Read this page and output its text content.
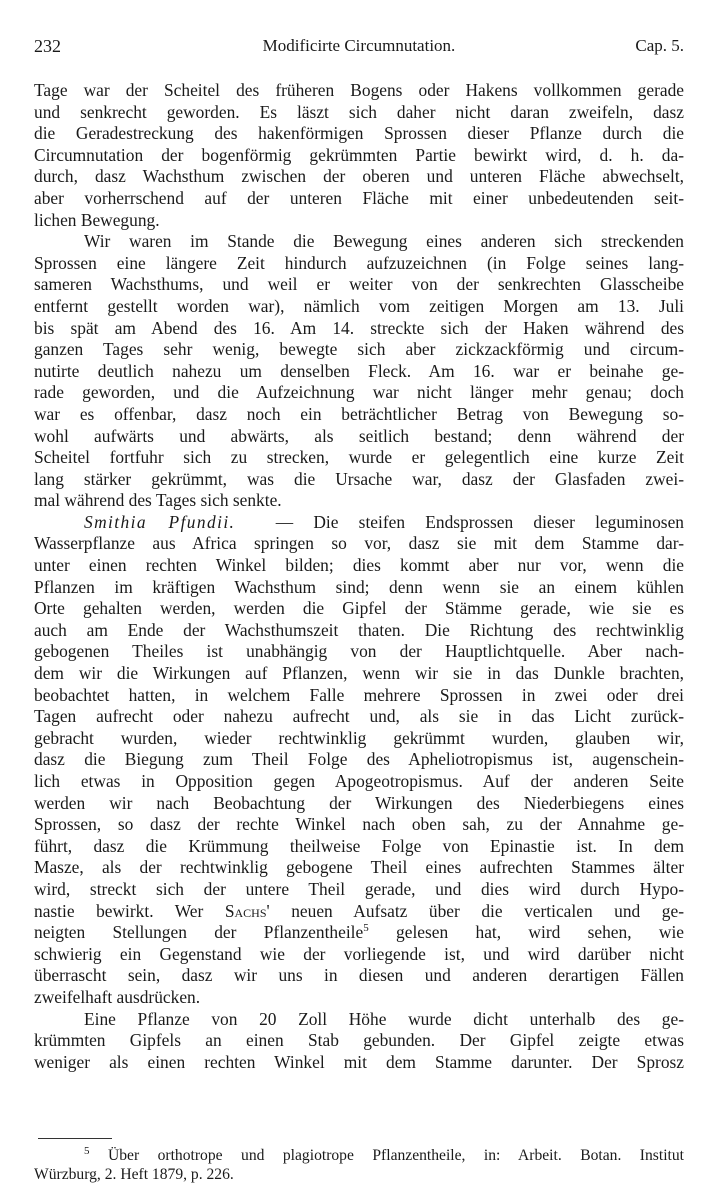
232	Modificirte Circumnutation.	Cap. 5.
Tage war der Scheitel des früheren Bogens oder Hakens vollkommen gerade
und senkrecht geworden. Es läszt sich daher nicht daran zweifeln, dasz
die Geradestreckung des hakenförmigen Sprossen dieser Pflanze durch die
Circumnutation der bogenförmig gekrümmten Partie bewirkt wird, d. h. da-
durch, dasz Wachsthum zwischen der oberen und unteren Fläche abwechselt,
aber vorherrschend auf der unteren Fläche mit einer unbedeutenden seit-
lichen Bewegung.
Wir waren im Stande die Bewegung eines anderen sich streckenden
Sprossen eine längere Zeit hindurch aufzuzeichnen (in Folge seines lang-
sameren Wachsthums, und weil er weiter von der senkrechten Glasscheibe
entfernt gestellt worden war), nämlich vom zeitigen Morgen am 13. Juli
bis spät am Abend des 16. Am 14. streckte sich der Haken während des
ganzen Tages sehr wenig, bewegte sich aber zickzackförmig und circum-
nutirte deutlich nahezu um denselben Fleck. Am 16. war er beinahe ge-
rade geworden, und die Aufzeichnung war nicht länger mehr genau; doch
war es offenbar, dasz noch ein beträchtlicher Betrag von Bewegung so-
wohl aufwärts und abwärts, als seitlich bestand; denn während der
Scheitel fortfuhr sich zu strecken, wurde er gelegentlich eine kurze Zeit
lang stärker gekrümmt, was die Ursache war, dasz der Glasfaden zwei-
mal während des Tages sich senkte.
Smithia Pfundii. — Die steifen Endsprossen dieser leguminosen
Wasserpflanze aus Africa springen so vor, dasz sie mit dem Stamme dar-
unter einen rechten Winkel bilden; dies kommt aber nur vor, wenn die
Pflanzen im kräftigen Wachsthum sind; denn wenn sie an einem kühlen
Orte gehalten werden, werden die Gipfel der Stämme gerade, wie sie es
auch am Ende der Wachsthumszeit thaten. Die Richtung des rechtwinklig
gebogenen Theiles ist unabhängig von der Hauptlichtquelle. Aber nach-
dem wir die Wirkungen auf Pflanzen, wenn wir sie in das Dunkle brachten,
beobachtet hatten, in welchem Falle mehrere Sprossen in zwei oder drei
Tagen aufrecht oder nahezu aufrecht und, als sie in das Licht zurück-
gebracht wurden, wieder rechtwinklig gekrümmt wurden, glauben wir,
dasz die Biegung zum Theil Folge des Apheliotropismus ist, augenschein-
lich etwas in Opposition gegen Apogeotropismus. Auf der anderen Seite
werden wir nach Beobachtung der Wirkungen des Niederbiegens eines
Sprossen, so dasz der rechte Winkel nach oben sah, zu der Annahme ge-
führt, dasz die Krümmung theilweise Folge von Epinastie ist. In dem
Masze, als der rechtwinklig gebogene Theil eines aufrechten Stammes älter
wird, streckt sich der untere Theil gerade, und dies wird durch Hypo-
nastie bewirkt. Wer Sachs' neuen Aufsatz über die verticalen und ge-
neigten Stellungen der Pflanzentheile$^5$ gelesen hat, wird sehen, wie
schwierig ein Gegenstand wie der vorliegende ist, und wird darüber nicht
überrascht sein, dasz wir uns in diesen und anderen derartigen Fällen
zweifelhaft ausdrücken.
Eine Pflanze von 20 Zoll Höhe wurde dicht unterhalb des ge-
krümmten Gipfels an einen Stab gebunden. Der Gipfel zeigte etwas
weniger als einen rechten Winkel mit dem Stamme darunter. Der Sprosz
$^5$ Über orthotrope und plagiotrope Pflanzentheile, in: Arbeit. Botan. Institut
Würzburg, 2. Heft 1879, p. 226.
